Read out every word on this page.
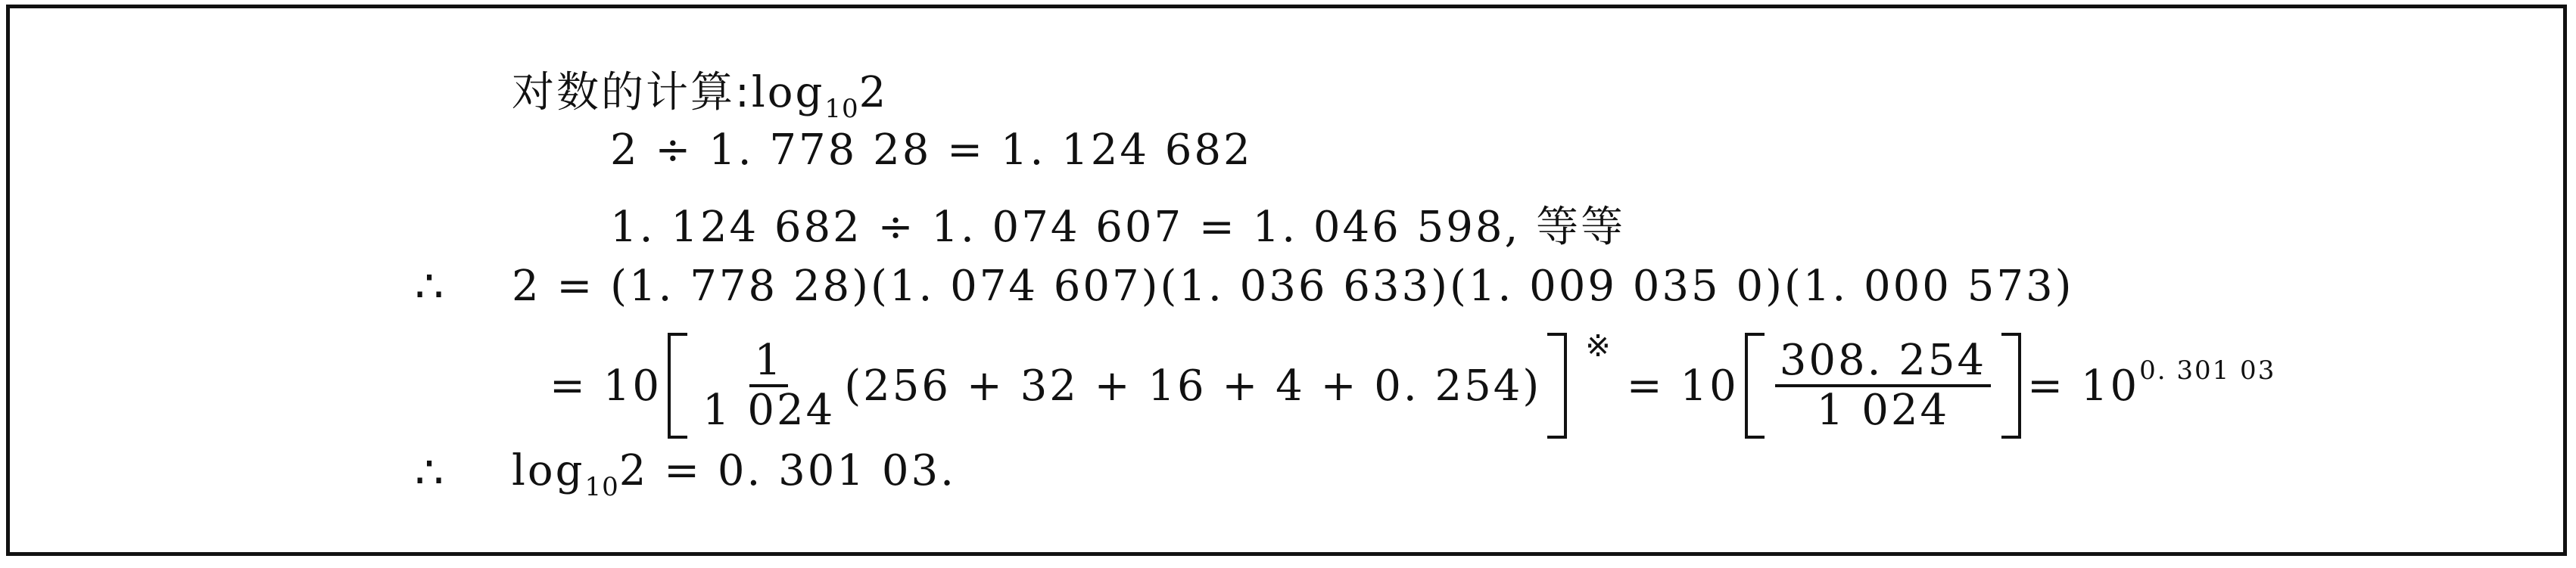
对数的计算$:\log_{10}2$
2 ÷ 1. 778 28 = 1. 124 682
1. 124 682 ÷ 1. 074 607 = 1. 046 598, 等等
∴ 2 = (1. 778 28)(1. 074 607)(1. 036 633)(1. 009 035 0)(1. 000 573)
= $10 \frac{1}{1 024} (256 + 32 + 16 + 4 + 0$. 254)
※
= $10 \frac{308. 254}{1 024} = 10$ 0. 301 03
∴ $\log_{10}2 = 0$. 301 03.
